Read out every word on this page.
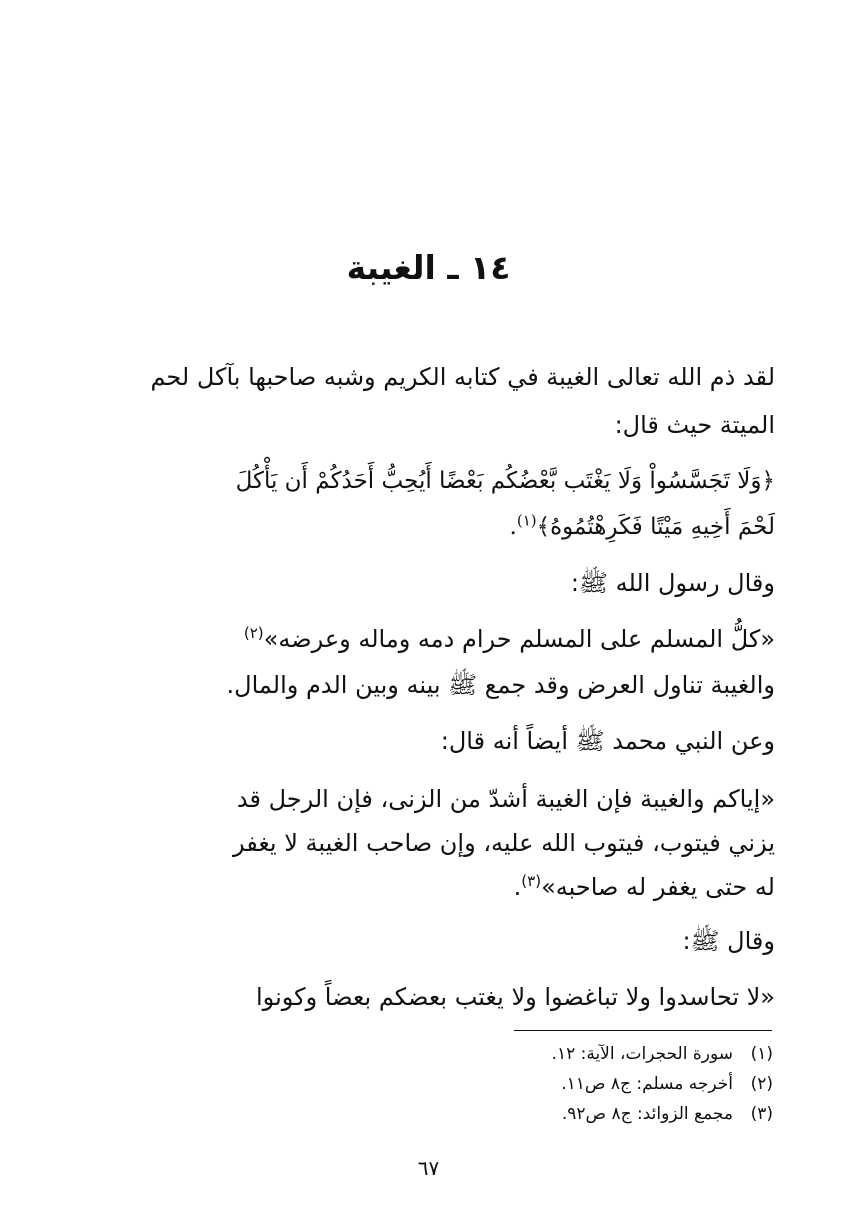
١٤ ـ الغيبة
لقد ذم الله تعالى الغيبة في كتابه الكريم وشبه صاحبها بآكل لحم
الميتة حيث قال:
﴿وَلَا تَجَسَّسُواْ وَلَا يَغْتَب بَّعْضُكُم بَعْضًا أَيُحِبُّ أَحَدُكُمْ أَن يَأْكُلَ
لَحْمَ أَخِيهِ مَيْتًا فَكَرِهْتُمُوهُ﴾$^{(١)}$.
وقال رسول الله ﷺ:
«كلُّ المسلم على المسلم حرام دمه وماله وعرضه»$^{(٢)}$
والغيبة تناول العرض وقد جمع ﷺ بينه وبين الدم والمال.
وعن النبي محمد ﷺ أيضاً أنه قال:
«إياكم والغيبة فإن الغيبة أشدّ من الزنى، فإن الرجل قد
يزني فيتوب، فيتوب الله عليه، وإن صاحب الغيبة لا يغفر
له حتى يغفر له صاحبه»$^{(٣)}$.
وقال ﷺ:
«لا تحاسدوا ولا تباغضوا ولا يغتب بعضكم بعضاً وكونوا
(١)سورة الحجرات، الآية: ١٢.
(٢)أخرجه مسلم: ج٨ ص١١.
(٣)مجمع الزوائد: ج٨ ص٩٢.
٦٧
